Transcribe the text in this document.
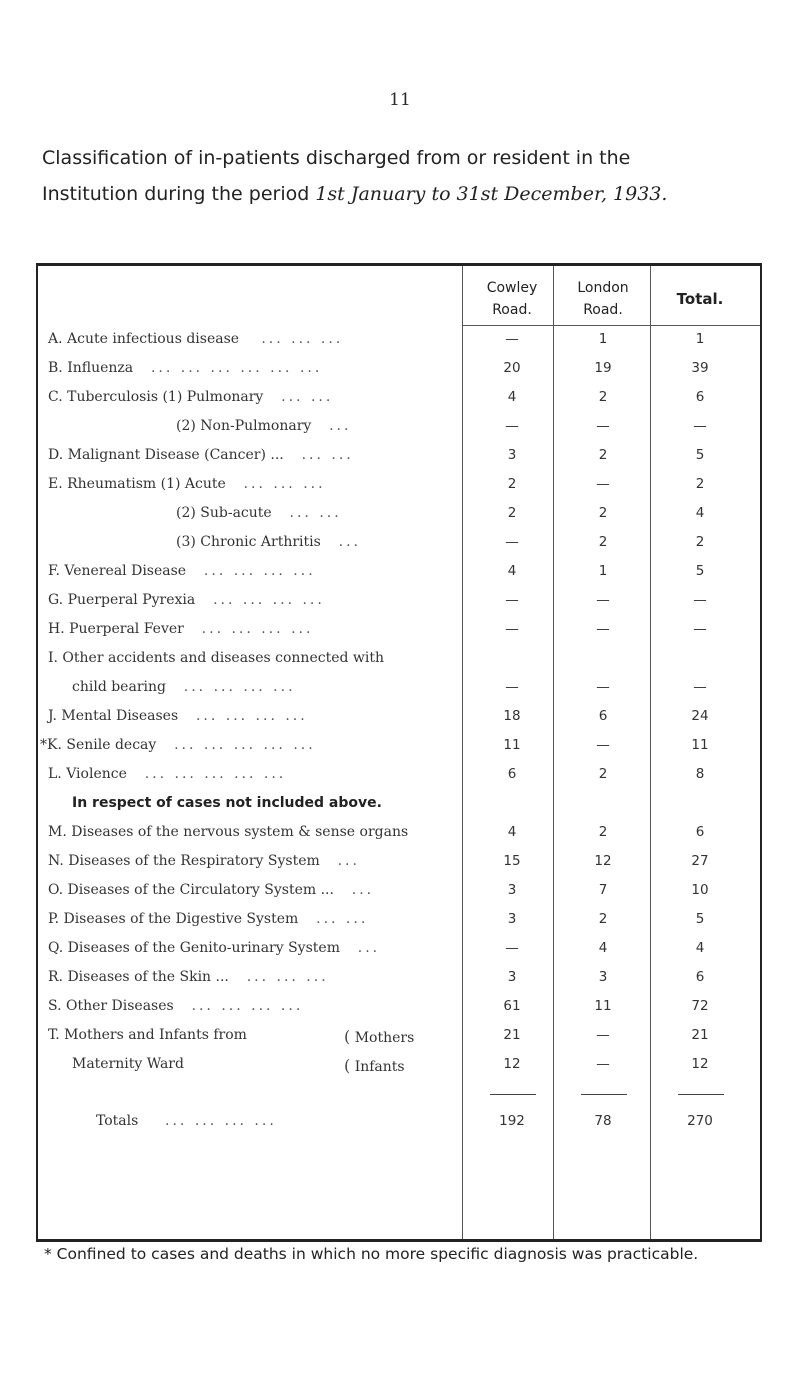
11
Classification of in-patients discharged from or resident in the
Institution during the period 1st January to 31st December, 1933.
Cowley
Road.
London
Road.
Total.
A. Acute infectious disease ... ... ...	—	1	1
B. Influenza ... ... ... ... ... ...	20	19	39
C. Tuberculosis (1) Pulmonary ... ...	4	2	6
(2) Non-Pulmonary ...	—	—	—
D. Malignant Disease (Cancer) ... ... ...	3	2	5
E. Rheumatism (1) Acute ... ... ...	2	—	2
(2) Sub-acute ... ...	2	2	4
(3) Chronic Arthritis ...	—	2	2
F. Venereal Disease ... ... ... ...	4	1	5
G. Puerperal Pyrexia ... ... ... ...	—	—	—
H. Puerperal Fever ... ... ... ...	—	—	—
I. Other accidents and diseases connected with
child bearing ... ... ... ...	—	—	—
J. Mental Diseases ... ... ... ...	18	6	24
*K. Senile decay ... ... ... ... ...	11	—	11
L. Violence ... ... ... ... ...	6	2	8
In respect of cases not included above.
M. Diseases of the nervous system & sense organs	4	2	6
N. Diseases of the Respiratory System ...	15	12	27
O. Diseases of the Circulatory System ... ...	3	7	10
P. Diseases of the Digestive System ... ...	3	2	5
Q. Diseases of the Genito-urinary System ...	—	4	4
R. Diseases of the Skin ... ... ... ...	3	3	6
S. Other Diseases ... ... ... ...	61	11	72
T. Mothers and Infants from	( Mothers	21	—	21
Maternity Ward	( Infants	12	—	12
Totals ... ... ... ...	192	78	270
* Confined to cases and deaths in which no more specific diagnosis was practicable.
